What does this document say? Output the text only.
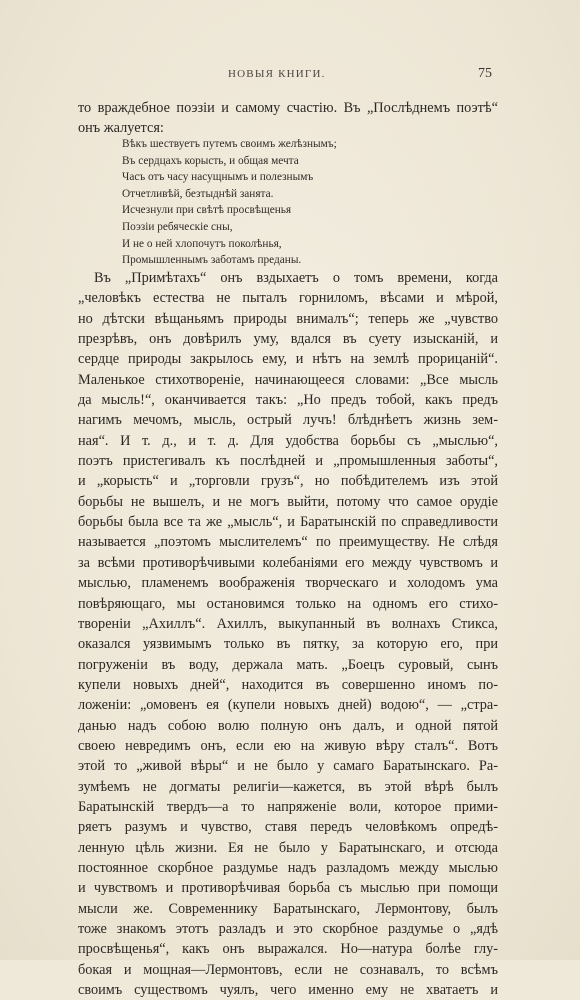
НОВЫЯ КНИГИ.	75
то враждебное поэзіи и самому счастію. Въ „Послѣднемъ поэтѣ“
онъ жалуется:
Вѣкъ шествуетъ путемъ своимъ желѣзнымъ;
Въ сердцахъ корысть, и общая мечта
Часъ отъ часу насущнымъ и полезнымъ
Отчетливѣй, безтыднѣй занята.
Исчезнули при свѣтѣ просвѣщенья
Поэзіи ребяческіе сны,
И не о ней хлопочутъ поколѣнья,
Промышленнымъ заботамъ преданы.
Въ „Примѣтахъ“ онъ вздыхаетъ о томъ времени, когда
„человѣкъ естества не пыталъ горниломъ, вѣсами и мѣрой,
но дѣтски вѣщаньямъ природы внималъ“; теперь же „чувство
презрѣвъ, онъ довѣрилъ уму, вдался въ суету изысканій, и
сердце природы закрылось ему, и нѣтъ на землѣ прорицаній“.
Маленькое стихотвореніе, начинающееся словами: „Все мысль
да мысль!“, оканчивается такъ: „Но предъ тобой, какъ предъ
нагимъ мечомъ, мысль, острый лучъ! блѣднѣетъ жизнь зем-
ная“. И т. д., и т. д. Для удобства борьбы съ „мыслью“,
поэтъ пристегивалъ къ послѣдней и „промышленныя заботы“,
и „корысть“ и „торговли грузъ“, но побѣдителемъ изъ этой
борьбы не вышелъ, и не могъ выйти, потому что самое орудіе
борьбы была все та же „мысль“, и Баратынскій по справедливости
называется „поэтомъ мыслителемъ“ по преимуществу. Не слѣдя
за всѣми противорѣчивыми колебаніями его между чувствомъ и
мыслью, пламенемъ воображенія творческаго и холодомъ ума
повѣряющаго, мы остановимся только на одномъ его стихо-
твореніи „Ахиллъ“. Ахиллъ, выкупанный въ волнахъ Стикса,
оказался уязвимымъ только въ пятку, за которую его, при
погруженіи въ воду, держала мать. „Боецъ суровый, сынъ
купели новыхъ дней“, находится въ совершенно иномъ по-
ложеніи: „омовенъ ея (купели новыхъ дней) водою“, — „стра-
данью надъ собою волю полную онъ далъ, и одной пятой
своею невредимъ онъ, если ею на живую вѣру сталъ“. Вотъ
этой то „живой вѣры“ и не было у самаго Баратынскаго. Ра-
зумѣемъ не догматы религіи—кажется, въ этой вѣрѣ былъ
Баратынскій твердъ—а то напряженіе воли, которое прими-
ряетъ разумъ и чувство, ставя передъ человѣкомъ опредѣ-
ленную цѣль жизни. Ея не было у Баратынскаго, и отсюда
постоянное скорбное раздумье надъ разладомъ между мыслью
и чувствомъ и противорѣчивая борьба съ мыслью при помощи
мысли же. Современнику Баратынскаго, Лермонтову, былъ
тоже знакомъ этотъ разладъ и это скорбное раздумье о „ядѣ
просвѣщенья“, какъ онъ выражался. Но—натура болѣе глу-
бокая и мощная—Лермонтовъ, если не сознавалъ, то всѣмъ
своимъ существомъ чуялъ, чего именно ему не хватаетъ и
